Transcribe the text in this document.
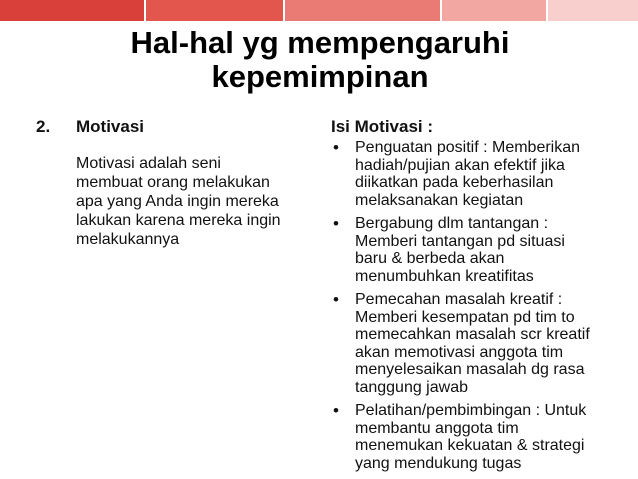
Hal-hal yg mempengaruhi
kepemimpinan
2. Motivasi
Motivasi adalah seni
membuat orang melakukan
apa yang Anda ingin mereka
lakukan karena mereka ingin
melakukannya
Isi Motivasi :
• Penguatan positif : Memberikan
hadiah/pujian akan efektif jika
diikatkan pada keberhasilan
melaksanakan kegiatan
• Bergabung dlm tantangan :
Memberi tantangan pd situasi
baru & berbeda akan
menumbuhkan kreatifitas
• Pemecahan masalah kreatif :
Memberi kesempatan pd tim to
memecahkan masalah scr kreatif
akan memotivasi anggota tim
menyelesaikan masalah dg rasa
tanggung jawab
• Pelatihan/pembimbingan : Untuk
membantu anggota tim
menemukan kekuatan & strategi
yang mendukung tugas
